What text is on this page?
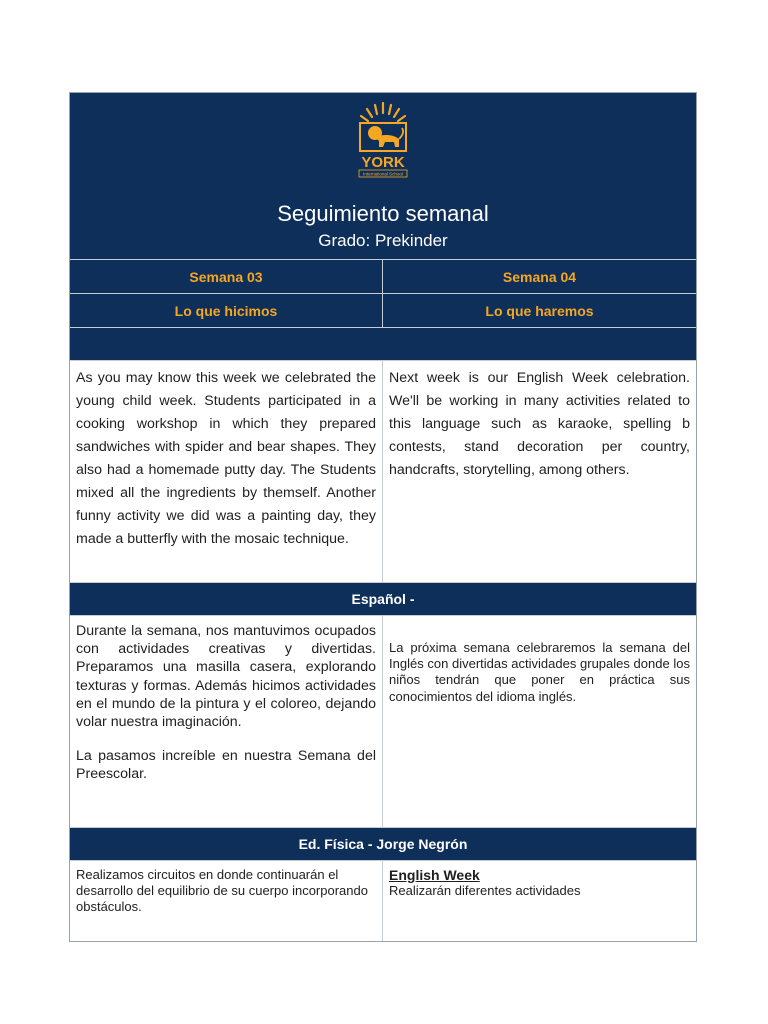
YORK
International School
Seguimiento semanal
Grado: Prekinder
Semana 03	Semana 04
Lo que hicimos	Lo que haremos
As you may know this week we celebrated the young child week. Students participated in a cooking workshop in which they prepared sandwiches with spider and bear shapes. They also had a homemade putty day. The Students mixed all the ingredients by themself. Another funny activity we did was a painting day, they made a butterfly with the mosaic technique.
Next week is our English Week celebration. We'll be working in many activities related to this language such as karaoke, spelling b contests, stand decoration per country, handcrafts, storytelling, among others.
Español -

Durante la semana, nos mantuvimos ocupados con actividades creativas y divertidas. Preparamos una masilla casera, explorando texturas y formas. Además hicimos actividades en el mundo de la pintura y el coloreo, dejando volar nuestra imaginación.

La pasamos increíble en nuestra Semana del Preescolar.

La próxima semana celebraremos la semana del Inglés con divertidas actividades grupales donde los niños tendrán que poner en práctica sus conocimientos del idioma inglés.
Ed. Física - Jorge Negrón
Realizamos circuitos en donde continuarán el desarrollo del equilibrio de su cuerpo incorporando obstáculos.
English Week
Realizarán diferentes actividades
